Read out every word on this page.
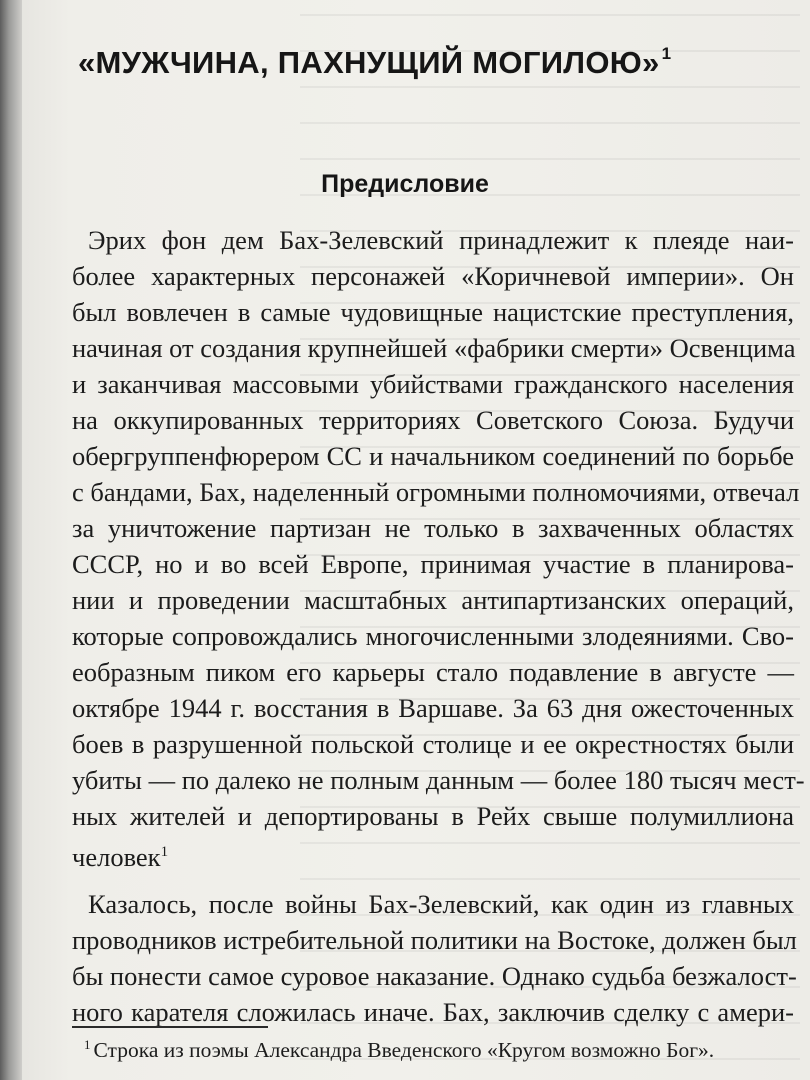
«МУЖЧИНА, ПАХНУЩИЙ МОГИЛОЮ» $^1$
Предисловие
Эрих фон дем Бах-Зелевский принадлежит к плеяде наи-
более характерных персонажей «Коричневой империи». Он
был вовлечен в самые чудовищные нацистские преступления,
начиная от создания крупнейшей «фабрики смерти» Освенцима
и заканчивая массовыми убийствами гражданского населения
на оккупированных территориях Советского Союза. Будучи
обергруппенфюрером СС и начальником соединений по борьбе
с бандами, Бах, наделенный огромными полномочиями, отвечал
за уничтожение партизан не только в захваченных областях
СССР, но и во всей Европе, принимая участие в планирова-
нии и проведении масштабных антипартизанских операций,
которые сопровождались многочисленными злодеяниями. Сво-
еобразным пиком его карьеры стало подавление в августе —
октябре 1944 г. восстания в Варшаве. За 63 дня ожесточенных
боев в разрушенной польской столице и ее окрестностях были
убиты — по далеко не полным данным — более 180 тысяч мест-
ных жителей и депортированы в Рейх свыше полумиллиона
человек$^1$
Казалось, после войны Бах-Зелевский, как один из главных
проводников истребительной политики на Востоке, должен был
бы понести самое суровое наказание. Однако судьба безжалост-
ного карателя сложилась иначе. Бах, заключив сделку с амери-

$^1$ Строка из поэмы Александра Введенского «Кругом возможно Бог».
